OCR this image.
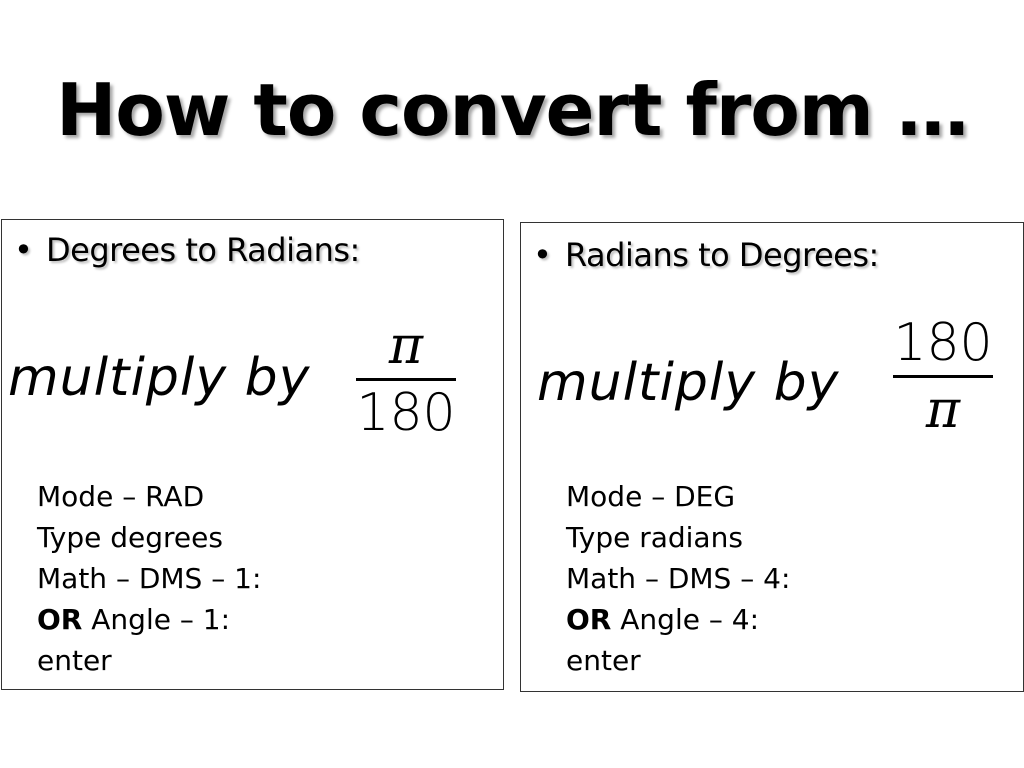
How to convert from …
• Degrees to Radians:
multiply by
π
180
Mode – RAD
Type degrees
Math – DMS – 1:
OR Angle – 1:
enter
• Radians to Degrees:
multiply by
180
π
Mode – DEG
Type radians
Math – DMS – 4:
OR Angle – 4:
enter
